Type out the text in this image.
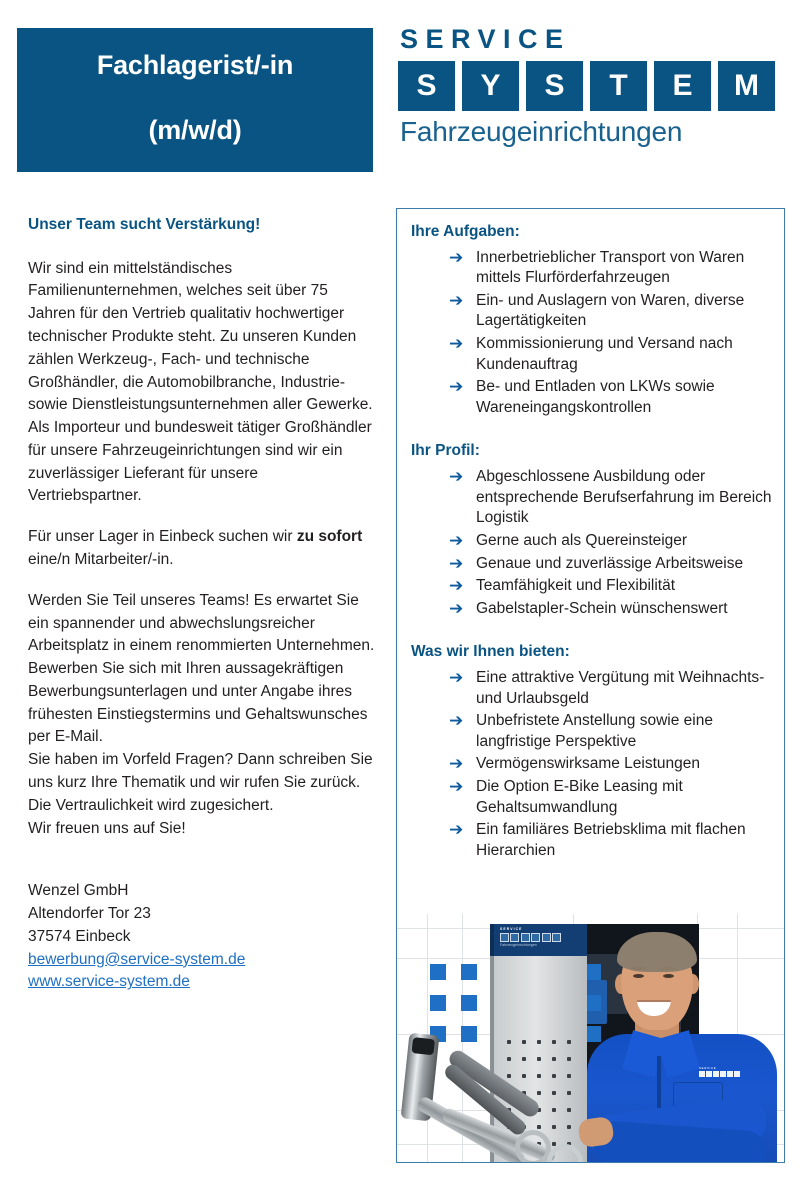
Fachlagerist/-in
(m/w/d)
SERVICE
S	Y	S	T	E	M
Fahrzeugeinrichtungen
Unser Team sucht Verstärkung!

Wir sind ein mittelständisches Familienunternehmen, welches seit über 75 Jahren für den Vertrieb qualitativ hochwertiger technischer Produkte steht. Zu unseren Kunden zählen Werkzeug-, Fach- und technische Großhändler, die Automobilbranche, Industrie- sowie Dienstleistungsunternehmen aller Gewerke. Als Importeur und bundesweit tätiger Großhändler für unsere Fahrzeugeinrichtungen sind wir ein zuverlässiger Lieferant für unsere Vertriebspartner.

Für unser Lager in Einbeck suchen wir zu sofort eine/n Mitarbeiter/-in.

Werden Sie Teil unseres Teams! Es erwartet Sie ein spannender und abwechslungsreicher Arbeitsplatz in einem renommierten Unternehmen.

Bewerben Sie sich mit Ihren aussagekräftigen Bewerbungsunterlagen und unter Angabe ihres frühesten Einstiegstermins und Gehaltswunsches per E-Mail.

Sie haben im Vorfeld Fragen? Dann schreiben Sie uns kurz Ihre Thematik und wir rufen Sie zurück.

Die Vertraulichkeit wird zugesichert.

Wir freuen uns auf Sie!

Wenzel GmbH
Altendorfer Tor 23
37574 Einbeck
bewerbung@service-system.de
www.service-system.de
Ihre Aufgaben:
➔ Innerbetrieblicher Transport von Waren mittels Flurförderfahrzeugen
➔ Ein- und Auslagern von Waren, diverse Lagertätigkeiten
➔ Kommissionierung und Versand nach Kundenauftrag
➔ Be- und Entladen von LKWs sowie Wareneingangskontrollen
Ihr Profil:
➔ Abgeschlossene Ausbildung oder entsprechende Berufserfahrung im Bereich Logistik
➔ Gerne auch als Quereinsteiger
➔ Genaue und zuverlässige Arbeitsweise
➔ Teamfähigkeit und Flexibilität
➔ Gabelstapler-Schein wünschenswert
Was wir Ihnen bieten:
➔ Eine attraktive Vergütung mit Weihnachts- und Urlaubsgeld
➔ Unbefristete Anstellung sowie eine langfristige Perspektive
➔ Vermögenswirksame Leistungen
➔ Die Option E-Bike Leasing mit Gehaltsumwandlung
➔ Ein familiäres Betriebsklima mit flachen Hierarchien
SERVICE
Fahrzeugeinrichtungen
SERVICE
